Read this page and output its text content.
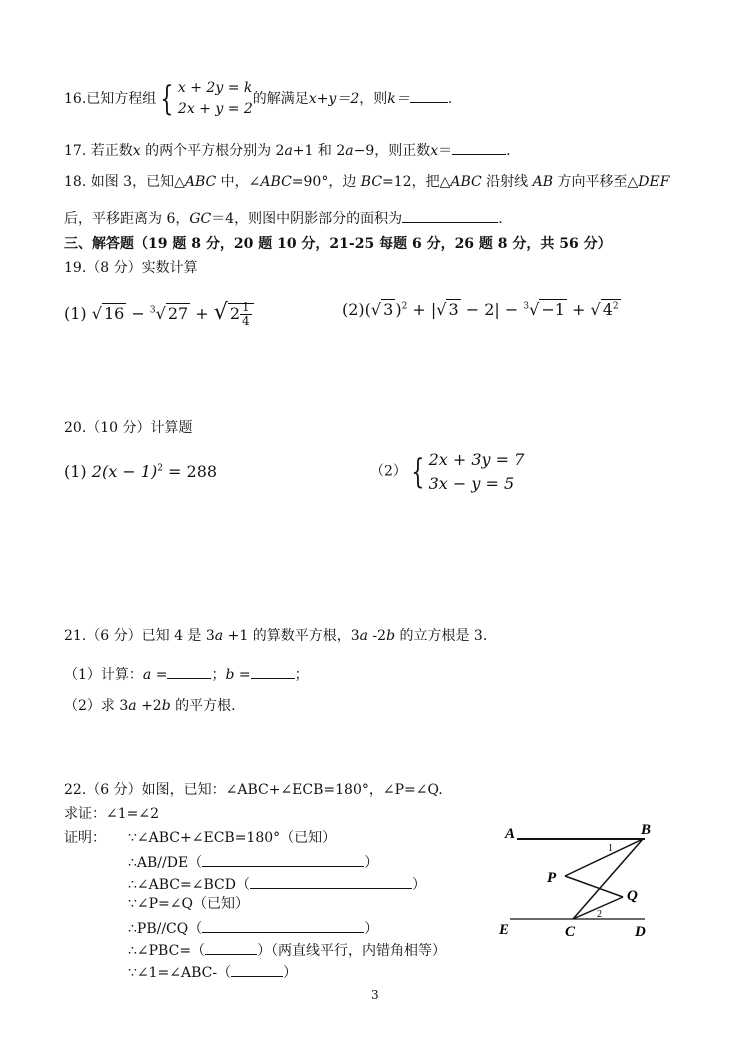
16.已知方程组 { x + 2y = k
2x + y = 2
的解满足x+y＝2，则k＝	.
17. 若正数x 的两个平方根分别为 2a+1 和 2a−9，则正数x＝	.
18. 如图 3，已知△ABC 中，∠ABC=90°，边 BC=12，把△ABC 沿射线 AB 方向平移至△DEF
后，平移距离为 6，GC＝4，则图中阴影部分的面积为	.
三、解答题（19 题 8 分，20 题 10 分，21-25 每题 6 分，26 题 8 分，共 56 分）
19.（8 分）实数计算
(1) √ 16 − $^3$√ 27 + √ $2 \frac{1}{4}$	(2)(√ 3 )$^2$ + |√ 3 − 2| − $^3$√ −1 + √ $4^2$
20.（10 分）计算题
(1) $2(x - 1)^2 = 288$	（2） { 2x + 3y = 7
3x − y = 5
21.（6 分）已知 4 是 3a +1 的算数平方根，3a -2b 的立方根是 3.
（1）计算：a =	；b =	；
（2）求 3a +2b 的平方根.
22.（6 分）如图，已知：∠ABC+∠ECB=180°，∠P=∠Q.
求证：∠1=∠2
证明： ∵∠ABC+∠ECB=180°（已知）
∴AB//DE（	）
∴∠ABC=∠BCD（	）
∵∠P=∠Q（已知）
∴PB//CQ（	）
∴∠PBC=（	）（两直线平行，内错角相等）
∵∠1=∠ABC-（	）
A	B
P
Q
E	C	D
1
2
3
